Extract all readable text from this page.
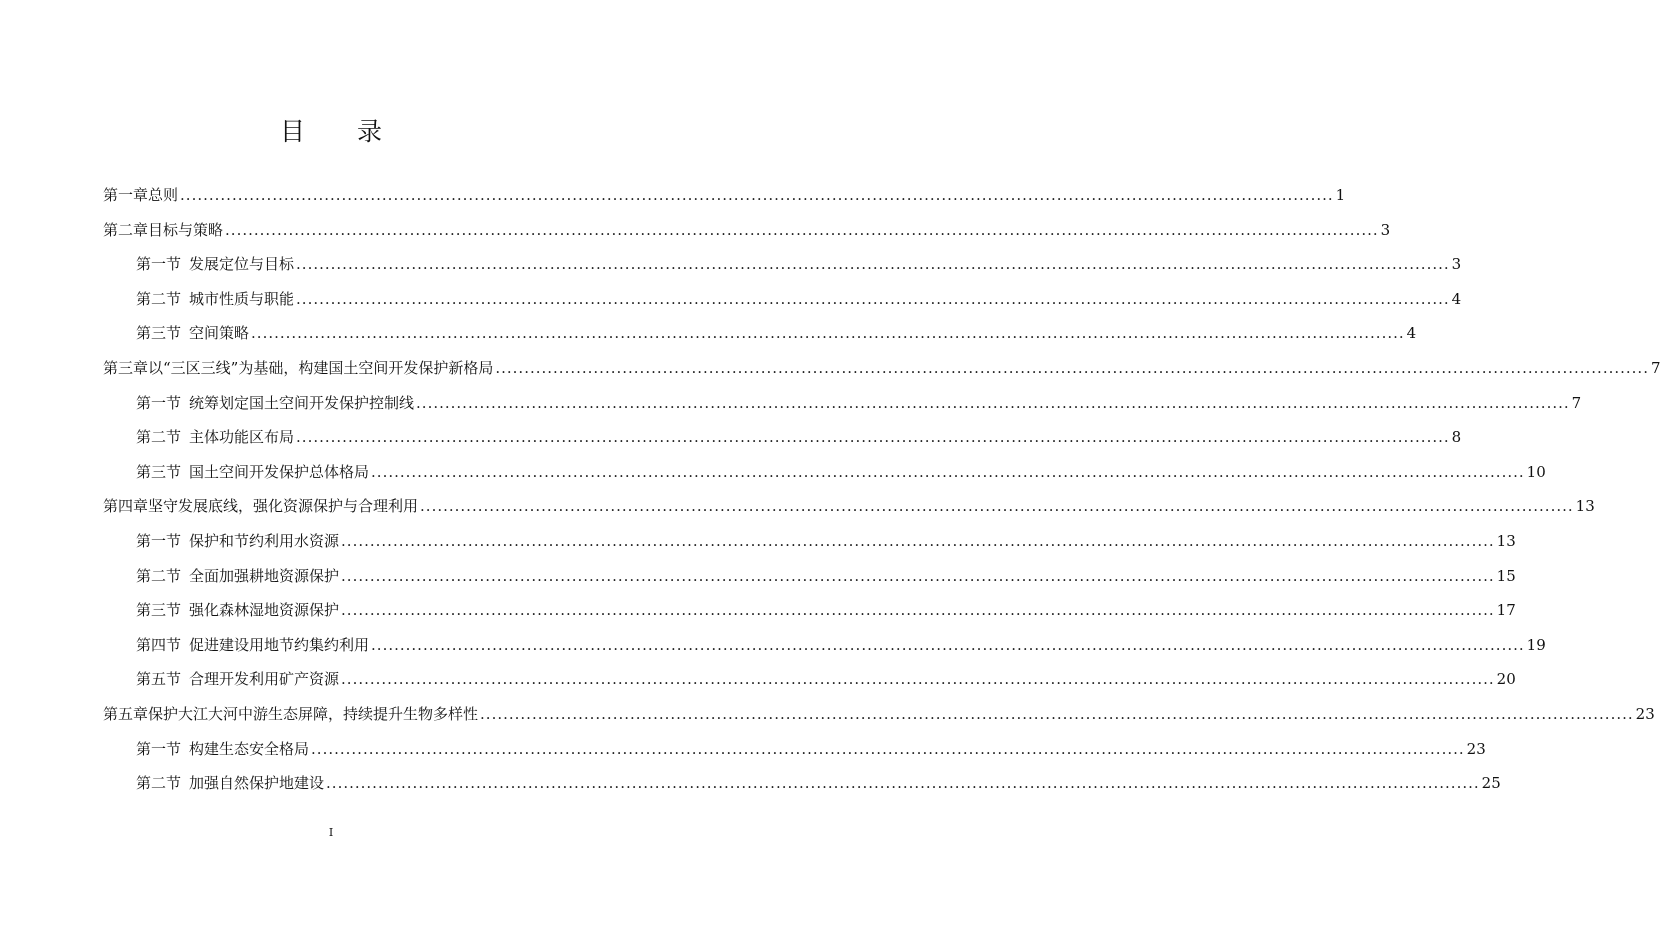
目 录
第一章 总则 ........................................................................................................................................................................................................ 1
第二章 目标与策略 ........................................................................................................................................................................................................ 3
第一节 发展定位与目标 ........................................................................................................................................................................................................ 3
第二节 城市性质与职能 ........................................................................................................................................................................................................ 4
第三节 空间策略 ........................................................................................................................................................................................................ 4
第三章 以“三区三线”为基础，构建国土空间开发保护新格局 ........................................................................................................................................................................................................ 7
第一节 统筹划定国土空间开发保护控制线 ........................................................................................................................................................................................................ 7
第二节 主体功能区布局 ........................................................................................................................................................................................................ 8
第三节 国土空间开发保护总体格局 ........................................................................................................................................................................................................ 10
第四章 坚守发展底线，强化资源保护与合理利用 ........................................................................................................................................................................................................ 13
第一节 保护和节约利用水资源 ........................................................................................................................................................................................................ 13
第二节 全面加强耕地资源保护 ........................................................................................................................................................................................................ 15
第三节 强化森林湿地资源保护 ........................................................................................................................................................................................................ 17
第四节 促进建设用地节约集约利用 ........................................................................................................................................................................................................ 19
第五节 合理开发利用矿产资源 ........................................................................................................................................................................................................ 20
第五章 保护大江大河中游生态屏障，持续提升生物多样性 ........................................................................................................................................................................................................ 23
第一节 构建生态安全格局 ........................................................................................................................................................................................................ 23
第二节 加强自然保护地建设 ........................................................................................................................................................................................................ 25
I
